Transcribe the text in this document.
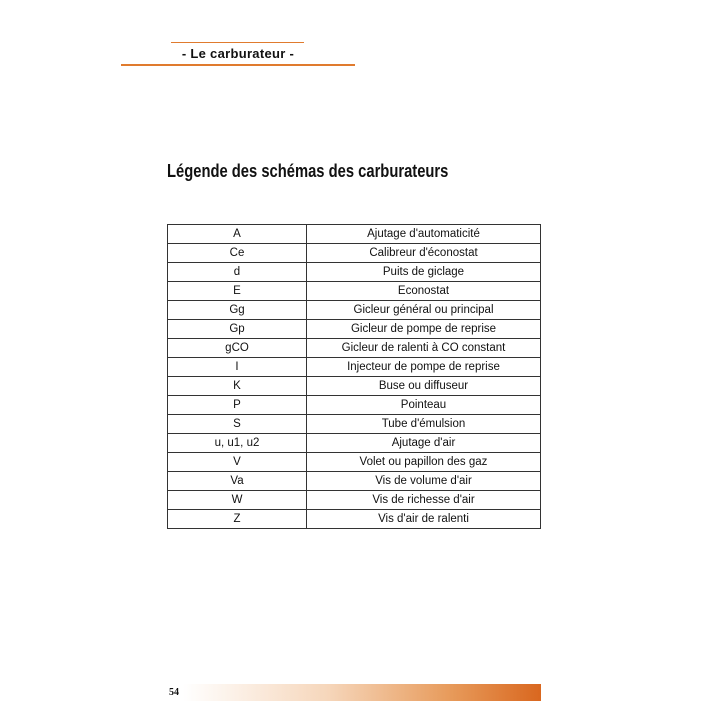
- Le carburateur -
Légende des schémas des carburateurs
A	Ajutage d'automaticité
Ce	Calibreur d'éconostat
d	Puits de giclage
E	Econostat
Gg	Gicleur général ou principal
Gp	Gicleur de pompe de reprise
gCO	Gicleur de ralenti à CO constant
I	Injecteur de pompe de reprise
K	Buse ou diffuseur
P	Pointeau
S	Tube d'émulsion
u, u1, u2	Ajutage d'air
V	Volet ou papillon des gaz
Va	Vis de volume d'air
W	Vis de richesse d'air
Z	Vis d'air de ralenti
54
